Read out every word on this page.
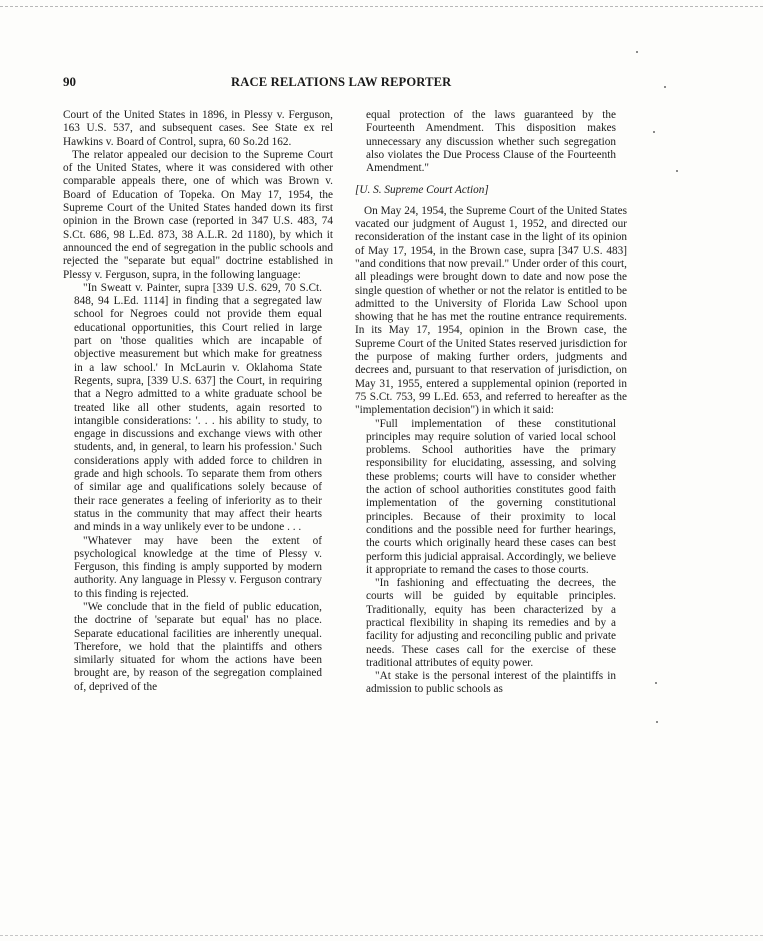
90	RACE RELATIONS LAW REPORTER

Court of the United States in 1896, in Plessy v. Ferguson, 163 U.S. 537, and subsequent cases. See State ex rel Hawkins v. Board of Control, supra, 60 So.2d 162.

The relator appealed our decision to the Supreme Court of the United States, where it was considered with other comparable appeals there, one of which was Brown v. Board of Education of Topeka. On May 17, 1954, the Supreme Court of the United States handed down its first opinion in the Brown case (reported in 347 U.S. 483, 74 S.Ct. 686, 98 L.Ed. 873, 38 A.L.R. 2d 1180), by which it announced the end of segregation in the public schools and rejected the "separate but equal" doctrine established in Plessy v. Ferguson, supra, in the following language:

"In Sweatt v. Painter, supra [339 U.S. 629, 70 S.Ct. 848, 94 L.Ed. 1114] in finding that a segregated law school for Negroes could not provide them equal educational opportunities, this Court relied in large part on 'those qualities which are incapable of objective measurement but which make for greatness in a law school.' In McLaurin v. Oklahoma State Regents, supra, [339 U.S. 637] the Court, in requiring that a Negro admitted to a white graduate school be treated like all other students, again resorted to intangible considerations: '. . . his ability to study, to engage in discussions and exchange views with other students, and, in general, to learn his profession.' Such considerations apply with added force to children in grade and high schools. To separate them from others of similar age and qualifications solely because of their race generates a feeling of inferiority as to their status in the community that may affect their hearts and minds in a way unlikely ever to be undone . . .

"Whatever may have been the extent of psychological knowledge at the time of Plessy v. Ferguson, this finding is amply supported by modern authority. Any language in Plessy v. Ferguson contrary to this finding is rejected.

"We conclude that in the field of public education, the doctrine of 'separate but equal' has no place. Separate educational facilities are inherently unequal. Therefore, we hold that the plaintiffs and others similarly situated for whom the actions have been brought are, by reason of the segregation complained of, deprived of the

equal protection of the laws guaranteed by the Fourteenth Amendment. This disposition makes unnecessary any discussion whether such segregation also violates the Due Process Clause of the Fourteenth Amendment."

[U. S. Supreme Court Action]

On May 24, 1954, the Supreme Court of the United States vacated our judgment of August 1, 1952, and directed our reconsideration of the instant case in the light of its opinion of May 17, 1954, in the Brown case, supra [347 U.S. 483] "and conditions that now prevail." Under order of this court, all pleadings were brought down to date and now pose the single question of whether or not the relator is entitled to be admitted to the University of Florida Law School upon showing that he has met the routine entrance requirements. In its May 17, 1954, opinion in the Brown case, the Supreme Court of the United States reserved jurisdiction for the purpose of making further orders, judgments and decrees and, pursuant to that reservation of jurisdiction, on May 31, 1955, entered a supplemental opinion (reported in 75 S.Ct. 753, 99 L.Ed. 653, and referred to hereafter as the "implementation decision") in which it said:

"Full implementation of these constitutional principles may require solution of varied local school problems. School authorities have the primary responsibility for elucidating, assessing, and solving these problems; courts will have to consider whether the action of school authorities constitutes good faith implementation of the governing constitutional principles. Because of their proximity to local conditions and the possible need for further hearings, the courts which originally heard these cases can best perform this judicial appraisal. Accordingly, we believe it appropriate to remand the cases to those courts.

"In fashioning and effectuating the decrees, the courts will be guided by equitable principles. Traditionally, equity has been characterized by a practical flexibility in shaping its remedies and by a facility for adjusting and reconciling public and private needs. These cases call for the exercise of these traditional attributes of equity power.

"At stake is the personal interest of the plaintiffs in admission to public schools as
